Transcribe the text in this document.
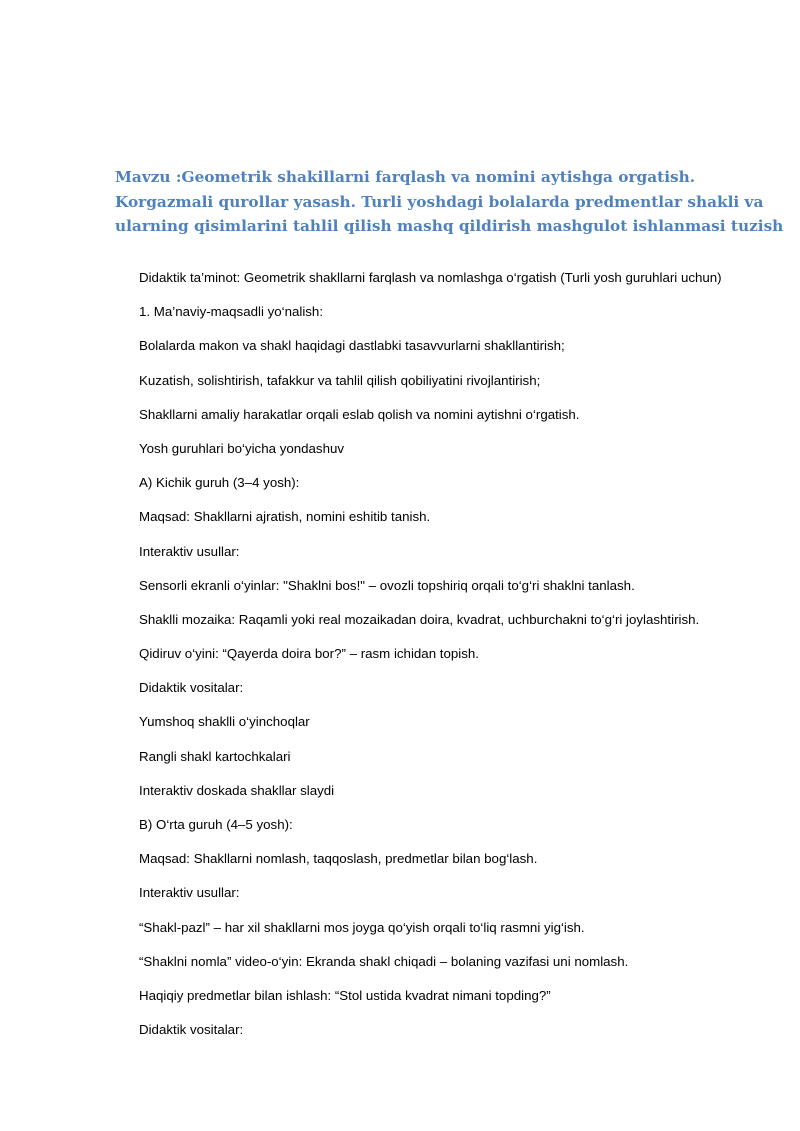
Mavzu :Geometrik shakillarni farqlash va nomini aytishga orgatish.
Korgazmali qurollar yasash. Turli yoshdagi bolalarda predmentlar shakli va
ularning qisimlarini tahlil qilish mashq qildirish mashgulot ishlanmasi tuzish
Didaktik ta’minot: Geometrik shakllarni farqlash va nomlashga o‘rgatish (Turli yosh guruhlari uchun)
1. Ma’naviy-maqsadli yo‘nalish:
Bolalarda makon va shakl haqidagi dastlabki tasavvurlarni shakllantirish;
Kuzatish, solishtirish, tafakkur va tahlil qilish qobiliyatini rivojlantirish;
Shakllarni amaliy harakatlar orqali eslab qolish va nomini aytishni o‘rgatish.
Yosh guruhlari bo‘yicha yondashuv
A) Kichik guruh (3–4 yosh):
Maqsad: Shakllarni ajratish, nomini eshitib tanish.
Interaktiv usullar:
Sensorli ekranli o‘yinlar: "Shaklni bos!" – ovozli topshiriq orqali to‘g‘ri shaklni tanlash.
Shaklli mozaika: Raqamli yoki real mozaikadan doira, kvadrat, uchburchakni to‘g‘ri joylashtirish.
Qidiruv o‘yini: “Qayerda doira bor?” – rasm ichidan topish.
Didaktik vositalar:
Yumshoq shaklli o‘yinchoqlar
Rangli shakl kartochkalari
Interaktiv doskada shakllar slaydi
B) O‘rta guruh (4–5 yosh):
Maqsad: Shakllarni nomlash, taqqoslash, predmetlar bilan bog‘lash.
Interaktiv usullar:
“Shakl-pazl” – har xil shakllarni mos joyga qo‘yish orqali to‘liq rasmni yig‘ish.
“Shaklni nomla” video-o‘yin: Ekranda shakl chiqadi – bolaning vazifasi uni nomlash.
Haqiqiy predmetlar bilan ishlash: “Stol ustida kvadrat nimani topding?”
Didaktik vositalar:
